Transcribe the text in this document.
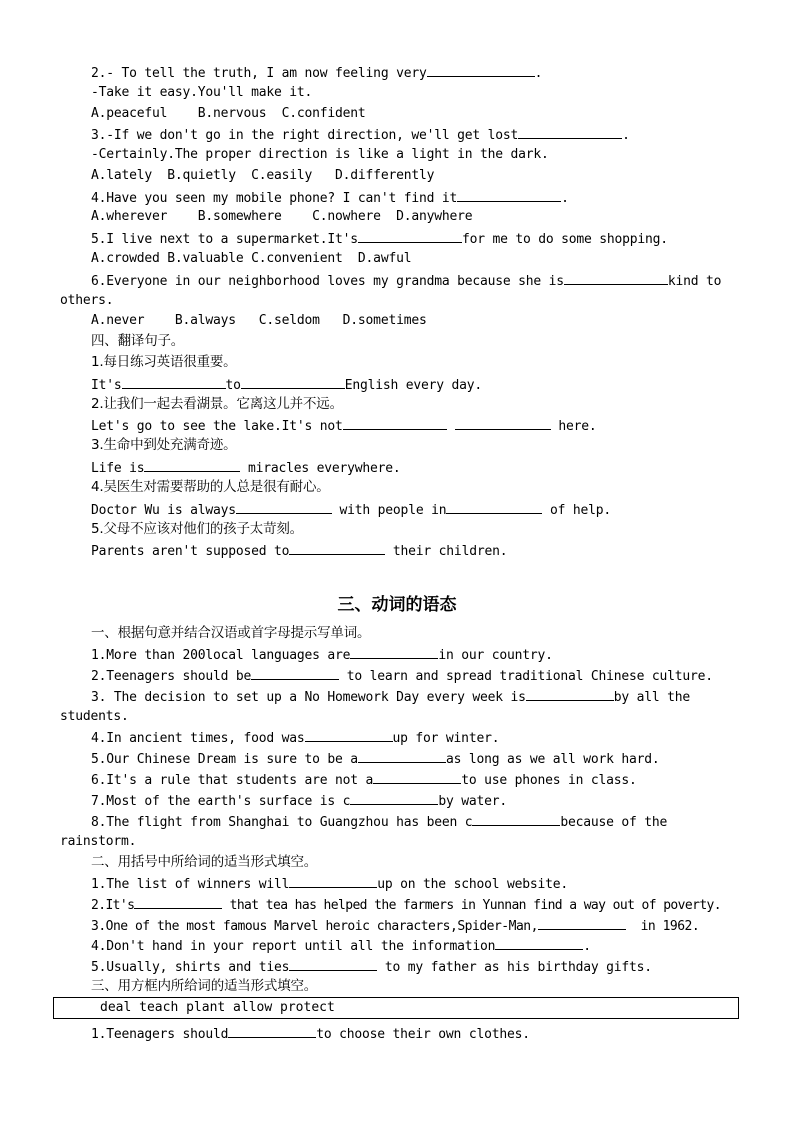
2.- To tell the truth, I am now feeling very	.
-Take it easy.You'll make it.
A.peaceful    B.nervous  C.confident
3.-If we don't go in the right direction, we'll get lost	.
-Certainly.The proper direction is like a light in the dark.
A.lately  B.quietly  C.easily   D.differently
4.Have you seen my mobile phone? I can't find it	.
A.wherever    B.somewhere    C.nowhere  D.anywhere
5.I live next to a supermarket.It's	for me to do some shopping.
A.crowded B.valuable C.convenient  D.awful
6.Everyone in our neighborhood loves my grandma because she is	kind to
others.
A.never    B.always   C.seldom   D.sometimes
四、翻译句子。
1.每日练习英语很重要。
It's	to	English every day.
2.让我们一起去看湖景。它离这儿并不远。
Let's go to see the lake.It's not	here.
3.生命中到处充满奇迹。
Life is	miracles everywhere.
4.吴医生对需要帮助的人总是很有耐心。
Doctor Wu is always	with people in	of help.
5.父母不应该对他们的孩子太苛刻。
Parents aren't supposed to	their children.
三、动词的语态
一、根据句意并结合汉语或首字母提示写单词。
1.More than 200local languages are	in our country.
2.Teenagers should be	to learn and spread traditional Chinese culture.
3. The decision to set up a No Homework Day every week is	by all the
students.
4.In ancient times, food was	up for winter.
5.Our Chinese Dream is sure to be a	as long as we all work hard.
6.It's a rule that students are not a	to use phones in class.
7.Most of the earth's surface is c	by water.
8.The flight from Shanghai to Guangzhou has been c	because of the
rainstorm.
二、用括号中所给词的适当形式填空。
1.The list of winners will	up on the school website.
2.It's	that tea has helped the farmers in Yunnan find a way out of poverty.
3.One of the most famous Marvel heroic characters,Spider-Man,	in 1962.
4.Don't hand in your report until all the information	.
5.Usually, shirts and ties	to my father as his birthday gifts.
三、用方框内所给词的适当形式填空。
deal teach plant allow protect
1.Teenagers should	to choose their own clothes.
